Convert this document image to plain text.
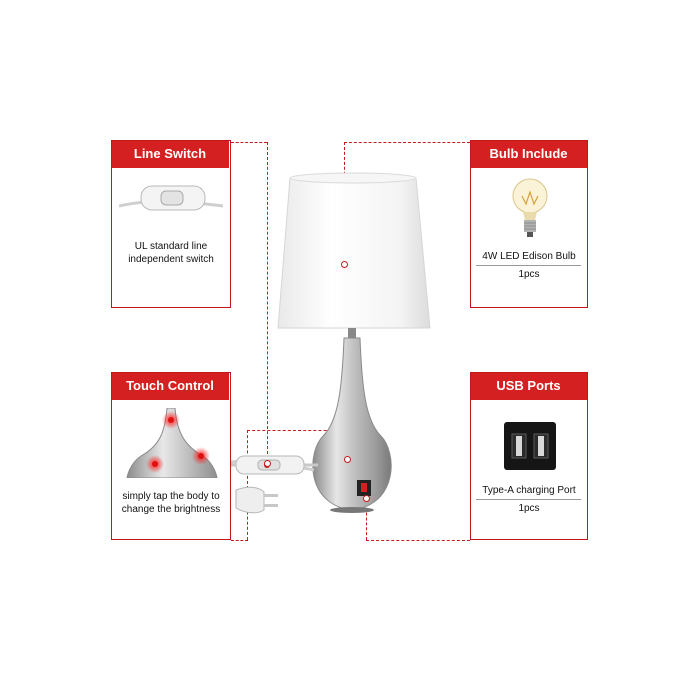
Line Switch
UL standard line
independent switch
Bulb Include
4W LED Edison Bulb
1pcs
Touch Control
simply tap the body to
change the brightness
USB Ports
Type-A charging Port
1pcs
